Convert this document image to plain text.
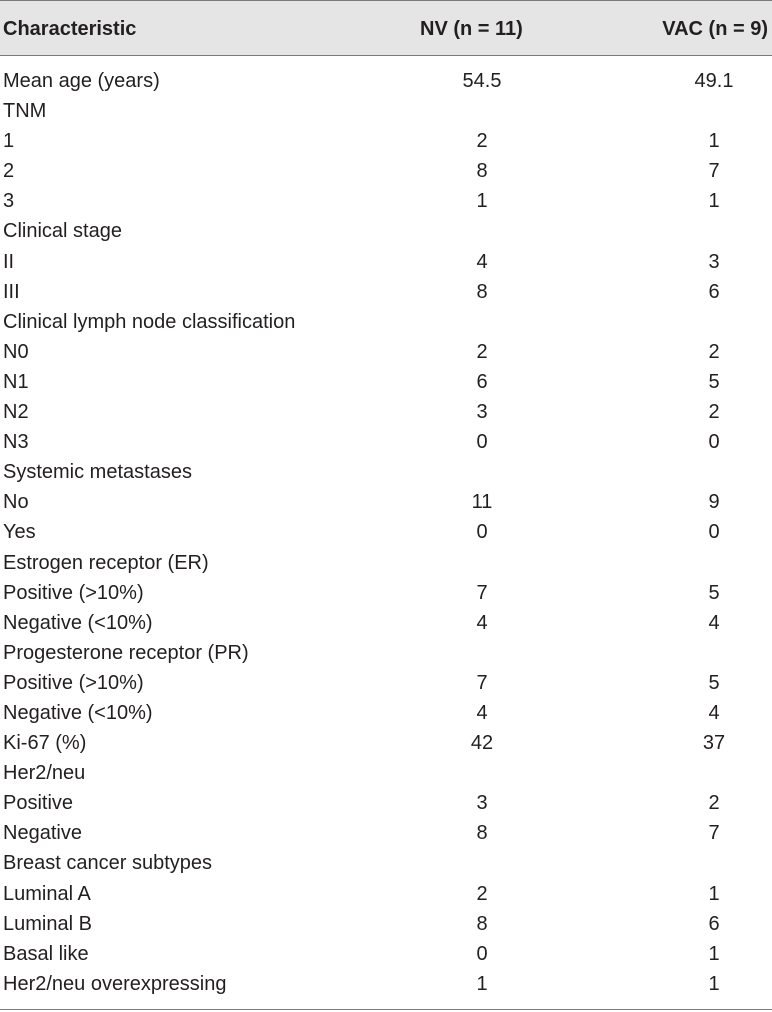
Characteristic	NV (n = 11)	VAC (n = 9)
Mean age (years)	54.5	49.1
TNM
1	2	1
2	8	7
3	1	1
Clinical stage
II	4	3
III	8	6
Clinical lymph node classification
N0	2	2
N1	6	5
N2	3	2
N3	0	0
Systemic metastases
No	11	9
Yes	0	0
Estrogen receptor (ER)
Positive (>10%)	7	5
Negative (<10%)	4	4
Progesterone receptor (PR)
Positive (>10%)	7	5
Negative (<10%)	4	4
Ki-67 (%)	42	37
Her2/neu
Positive	3	2
Negative	8	7
Breast cancer subtypes
Luminal A	2	1
Luminal B	8	6
Basal like	0	1
Her2/neu overexpressing	1	1
